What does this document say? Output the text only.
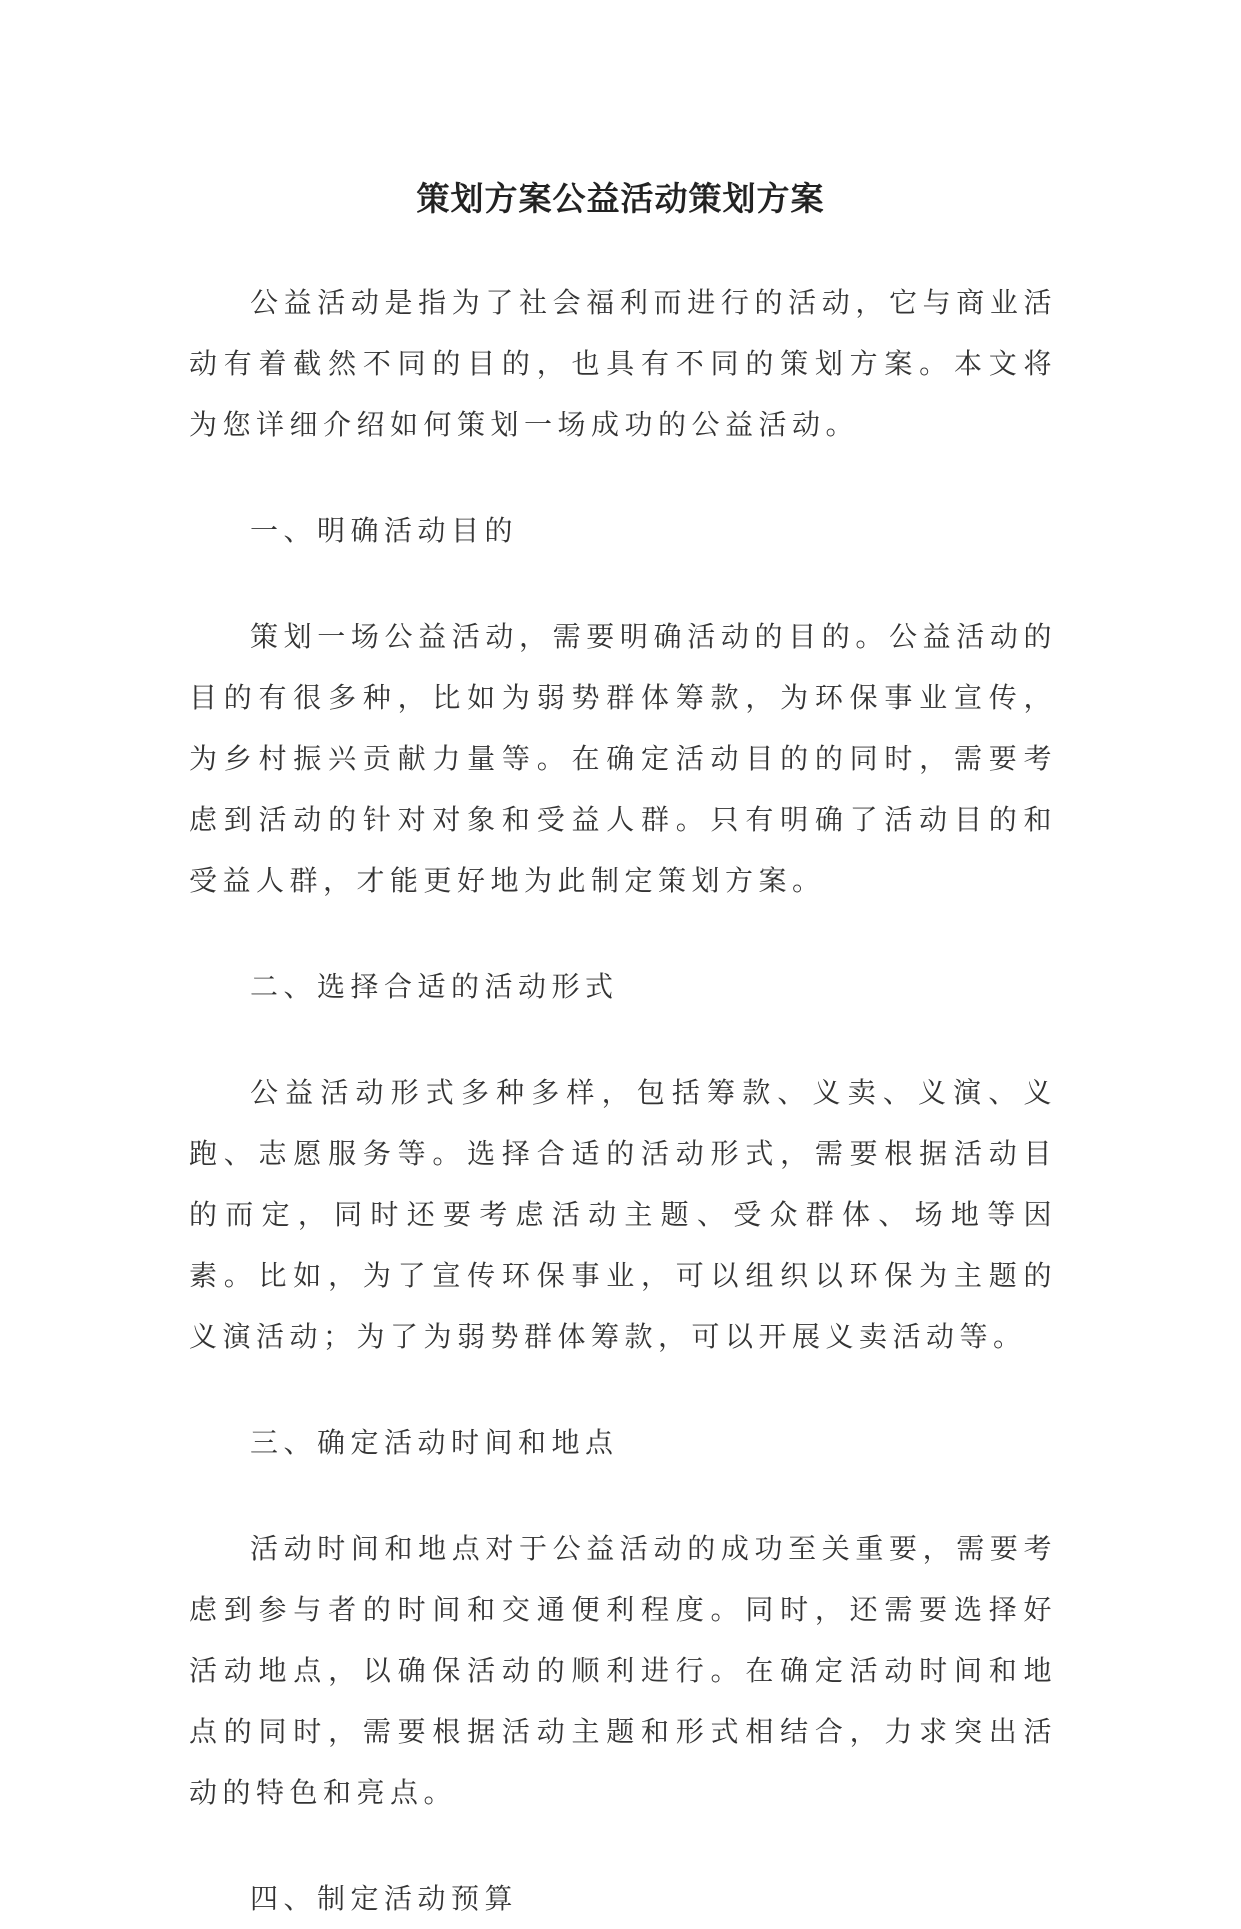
策划方案公益活动策划方案

公益活动是指为了社会福利而进行的活动，它与商业活动有着截然不同的目的，也具有不同的策划方案。本文将为您详细介绍如何策划一场成功的公益活动。

一、明确活动目的

策划一场公益活动，需要明确活动的目的。公益活动的目的有很多种，比如为弱势群体筹款，为环保事业宣传，为乡村振兴贡献力量等。在确定活动目的的同时，需要考虑到活动的针对对象和受益人群。只有明确了活动目的和受益人群，才能更好地为此制定策划方案。

二、选择合适的活动形式

公益活动形式多种多样，包括筹款、义卖、义演、义跑、志愿服务等。选择合适的活动形式，需要根据活动目的而定，同时还要考虑活动主题、受众群体、场地等因素。比如，为了宣传环保事业，可以组织以环保为主题的义演活动；为了为弱势群体筹款，可以开展义卖活动等。

三、确定活动时间和地点

活动时间和地点对于公益活动的成功至关重要，需要考虑到参与者的时间和交通便利程度。同时，还需要选择好活动地点，以确保活动的顺利进行。在确定活动时间和地点的同时，需要根据活动主题和形式相结合，力求突出活动的特色和亮点。

四、制定活动预算
